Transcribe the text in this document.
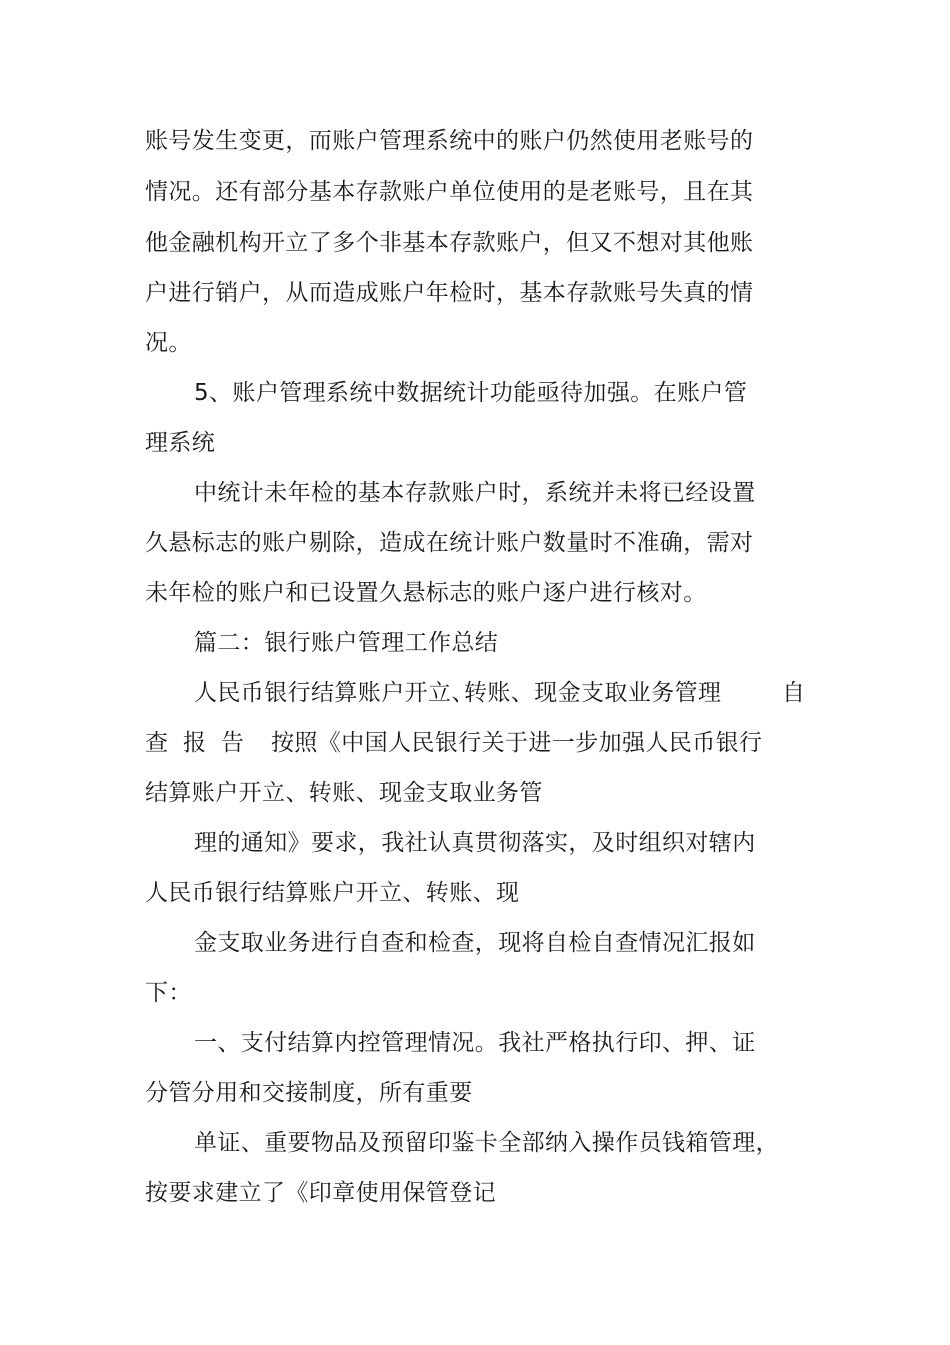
账号发生变更，而账户管理系统中的账户仍然使用老账号的
情况。还有部分基本存款账户单位使用的是老账号，且在其
他金融机构开立了多个非基本存款账户，但又不想对其他账
户进行销户，从而造成账户年检时，基本存款账号失真的情
况。
5、账户管理系统中数据统计功能亟待加强。在账户管
理系统
中统计未年检的基本存款账户时，系统并未将已经设置
久悬标志的账户剔除，造成在统计账户数量时不准确，需对
未年检的账户和已设置久悬标志的账户逐户进行核对。
篇二：银行账户管理工作总结
人民币银行结算账户开立、
转账、现金支取业务管理	自
查 报 告 按照《中国人民银行关于进一步加强人民币银行
结算账户开立、转账、现金支取业务管
理的通知》要求，我社认真贯彻落实，及时组织对辖内
人民币银行结算账户开立、转账、现
金支取业务进行自查和检查，现将自检自查情况汇报如
下：
一、支付结算内控管理情况。我社严格执行印、押、证
分管分用和交接制度，所有重要
单证、重要物品及预留印鉴卡全部纳入操作员钱箱管理，
按要求建立了《印章使用保管登记
